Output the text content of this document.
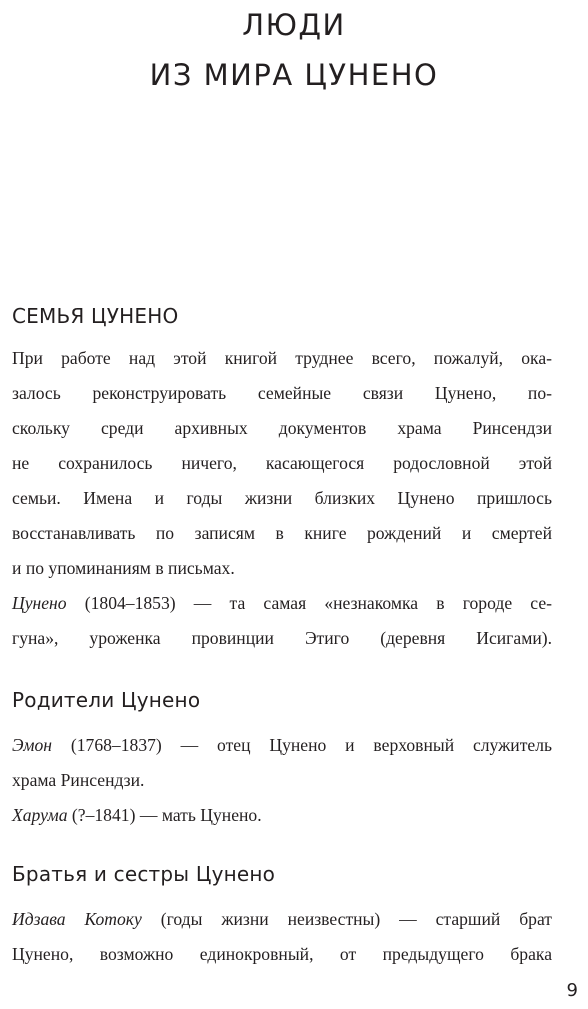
ЛЮДИ
ИЗ МИРА ЦУНЕНО
СЕМЬЯ ЦУНЕНО
При работе над этой книгой труднее всего, пожалуй, ока-
залось реконструировать семейные связи Цунено, по-
скольку среди архивных документов храма Ринсендзи
не сохранилось ничего, касающегося родословной этой
семьи. Имена и годы жизни близких Цунено пришлось
восстанавливать по записям в книге рождений и смертей
и по упоминаниям в письмах.
Цунено (1804–1853) — та самая «незнакомка в городе се-
гуна», уроженка провинции Этиго (деревня Исигами).
Родители Цунено
Эмон (1768–1837) — отец Цунено и верховный служитель
храма Ринсендзи.
Харума (?–1841) — мать Цунено.
Братья и сестры Цунено
Идзава Котоку (годы жизни неизвестны) — старший брат
Цунено, возможно единокровный, от предыдущего брака
9
